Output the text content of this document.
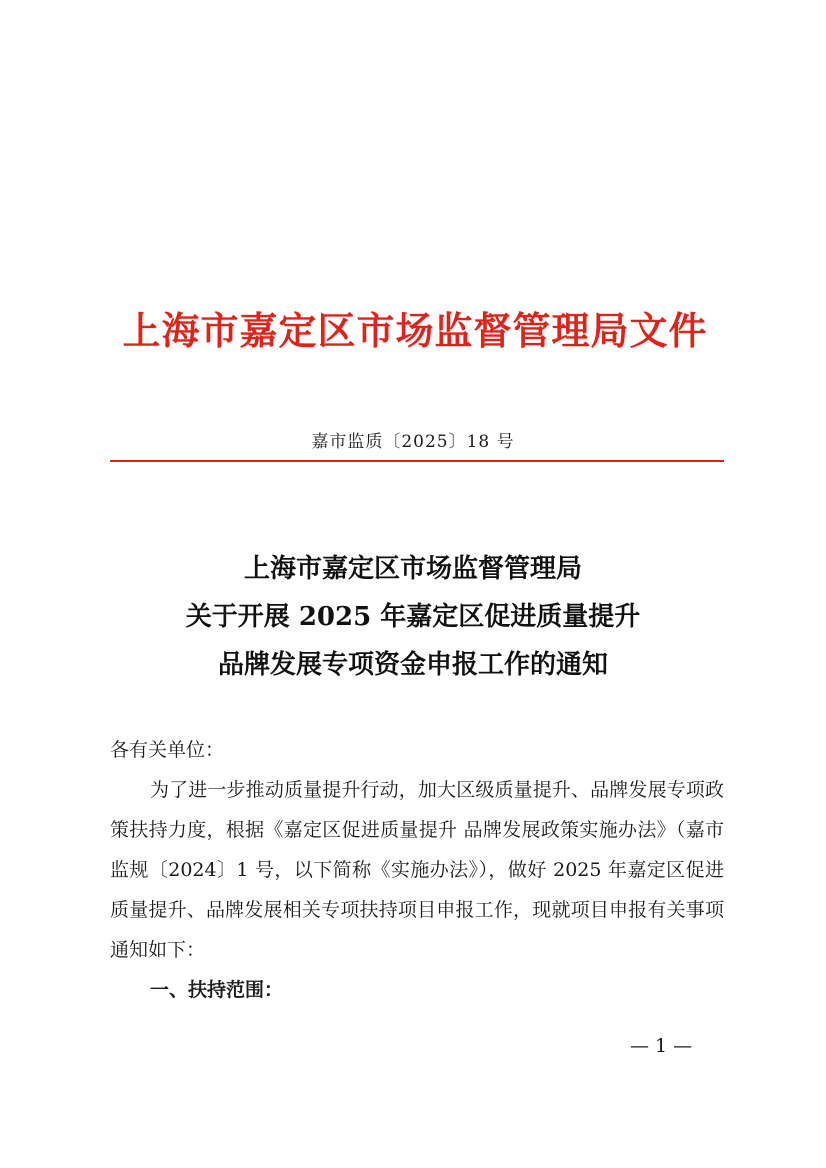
上海市嘉定区市场监督管理局文件
嘉市监质〔2025〕18 号
上海市嘉定区市场监督管理局
关于开展 2025 年嘉定区促进质量提升
品牌发展专项资金申报工作的通知

各有关单位：

为了进一步推动质量提升行动，加大区级质量提升、品牌发展专项政策扶持力度，根据《嘉定区促进质量提升 品牌发展政策实施办法》（嘉市监规〔2024〕1 号，以下简称《实施办法》），做好 2025 年嘉定区促进质量提升、品牌发展相关专项扶持项目申报工作，现就项目申报有关事项通知如下：

一、扶持范围：

— 1 —
